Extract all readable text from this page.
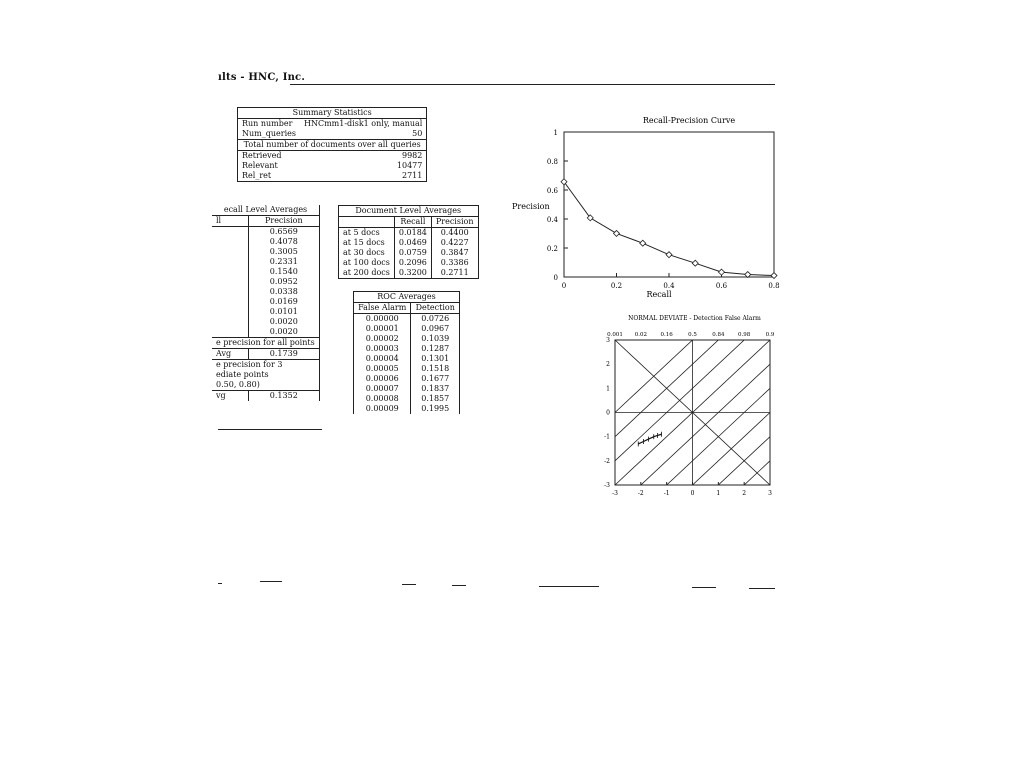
ılts - HNC, Inc.
Summary Statistics	
Run number	HNCmm1-disk1 only, manual
Num_queries	50
Total number of documents over all queries	
Retrieved	9982
Relevant	10477
Rel_ret	2711
ecall Level Averages	
ll	Precision
	0.6569
	0.4078
	0.3005
	0.2331
	0.1540
	0.0952
	0.0338
	0.0169
	0.0101
	0.0020
	0.0020
e precision for all points	
Avg	0.1739
e precision for 3	
ediate points	
0.50, 0.80)	
vg	0.1352
Document Level Averages		
	Recall	Precision
at 5 docs	0.0184	0.4400
at 15 docs	0.0469	0.4227
at 30 docs	0.0759	0.3847
at 100 docs	0.2096	0.3386
at 200 docs	0.3200	0.2711
ROC Averages	
False Alarm	Detection
0.00000	0.0726
0.00001	0.0967
0.00002	0.1039
0.00003	0.1287
0.00004	0.1301
0.00005	0.1518
0.00006	0.1677
0.00007	0.1837
0.00008	0.1857
0.00009	0.1995
Recall-Precision Curve
Recall
Precision
0
0.2
0.4
0.6
0.8
1
0	0.2	0.4	0.6	0.8
NORMAL DEVIATE - Detection False Alarm
0.001 0.02 0.16	0.5	0.84 0.98	0.9
-3	-2	-1	0	1	2	3
3
2
1
0
-1
-2
-3
